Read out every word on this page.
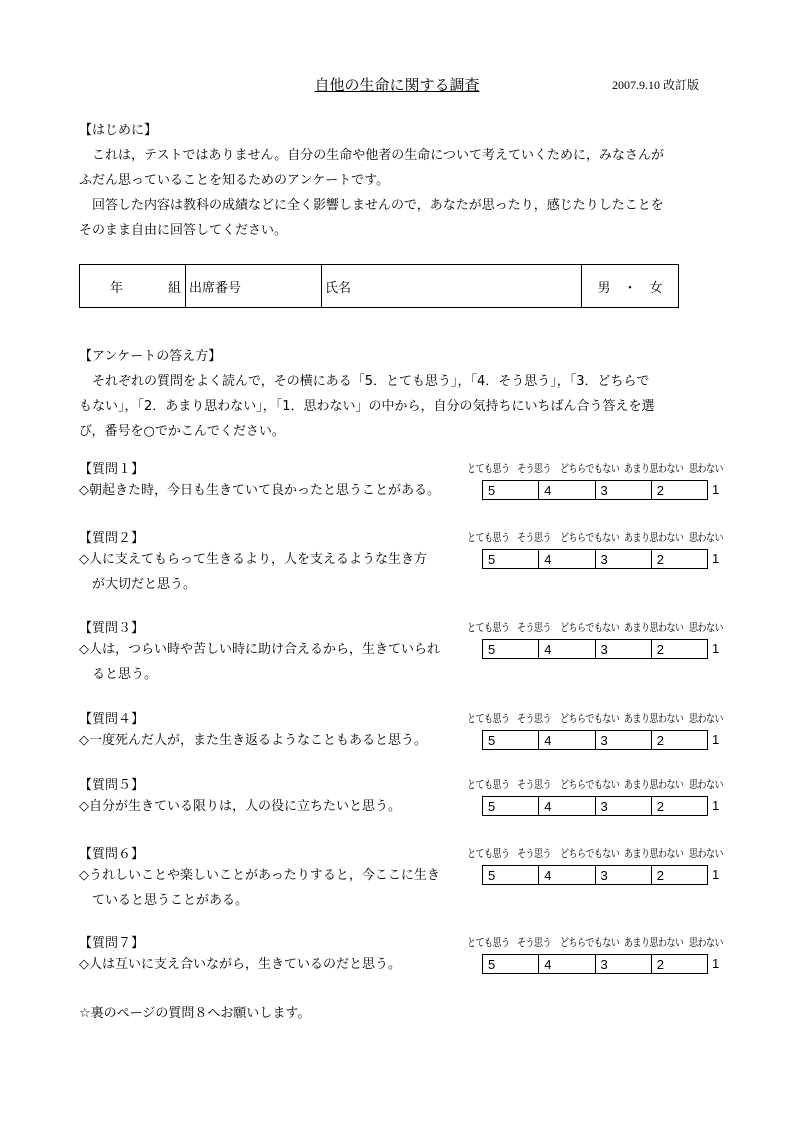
自他の生命に関する調査	2007.9.10 改訂版
【はじめに】
　これは，テストではありません。自分の生命や他者の生命について考えていくために，みなさんが
ふだん思っていることを知るためのアンケートです。
　回答した内容は教科の成績などに全く影響しませんので，あなたが思ったり，感じたりしたことを
そのまま自由に回答してください。
年	組 出席番号	氏名	男　・　女
【アンケートの答え方】
　それぞれの質問をよく読んで，その横にある「5．とても思う」，「4．そう思う」，「3．どちらで
もない」，「2．あまり思わない」，「1．思わない」の中から，自分の気持ちにいちばん合う答えを選
び，番号を○でかこんでください。
【質問１】	とても思う そう思う どちらでもない あまり思わない 思わない
◇朝起きた時，今日も生きていて良かったと思うことがある。	5	4	3	2	1
【質問２】	とても思う そう思う どちらでもない あまり思わない 思わない
◇人に支えてもらって生きるより，人を支えるような生き方
　が大切だと思う。
5	4	3	2	1
【質問３】	とても思う そう思う どちらでもない あまり思わない 思わない
◇人は，つらい時や苦しい時に助け合えるから，生きていられ
　ると思う。
5	4	3	2	1
【質問４】	とても思う そう思う どちらでもない あまり思わない 思わない
◇一度死んだ人が，また生き返るようなこともあると思う。	5	4	3	2	1
【質問５】	とても思う そう思う どちらでもない あまり思わない 思わない
◇自分が生きている限りは，人の役に立ちたいと思う。	5	4	3	2	1
【質問６】	とても思う そう思う どちらでもない あまり思わない 思わない
◇うれしいことや楽しいことがあったりすると，今ここに生き
　ていると思うことがある。
5	4	3	2	1
【質問７】	とても思う そう思う どちらでもない あまり思わない 思わない
◇人は互いに支え合いながら，生きているのだと思う。	5	4	3	2	1
☆裏のページの質問８へお願いします。
